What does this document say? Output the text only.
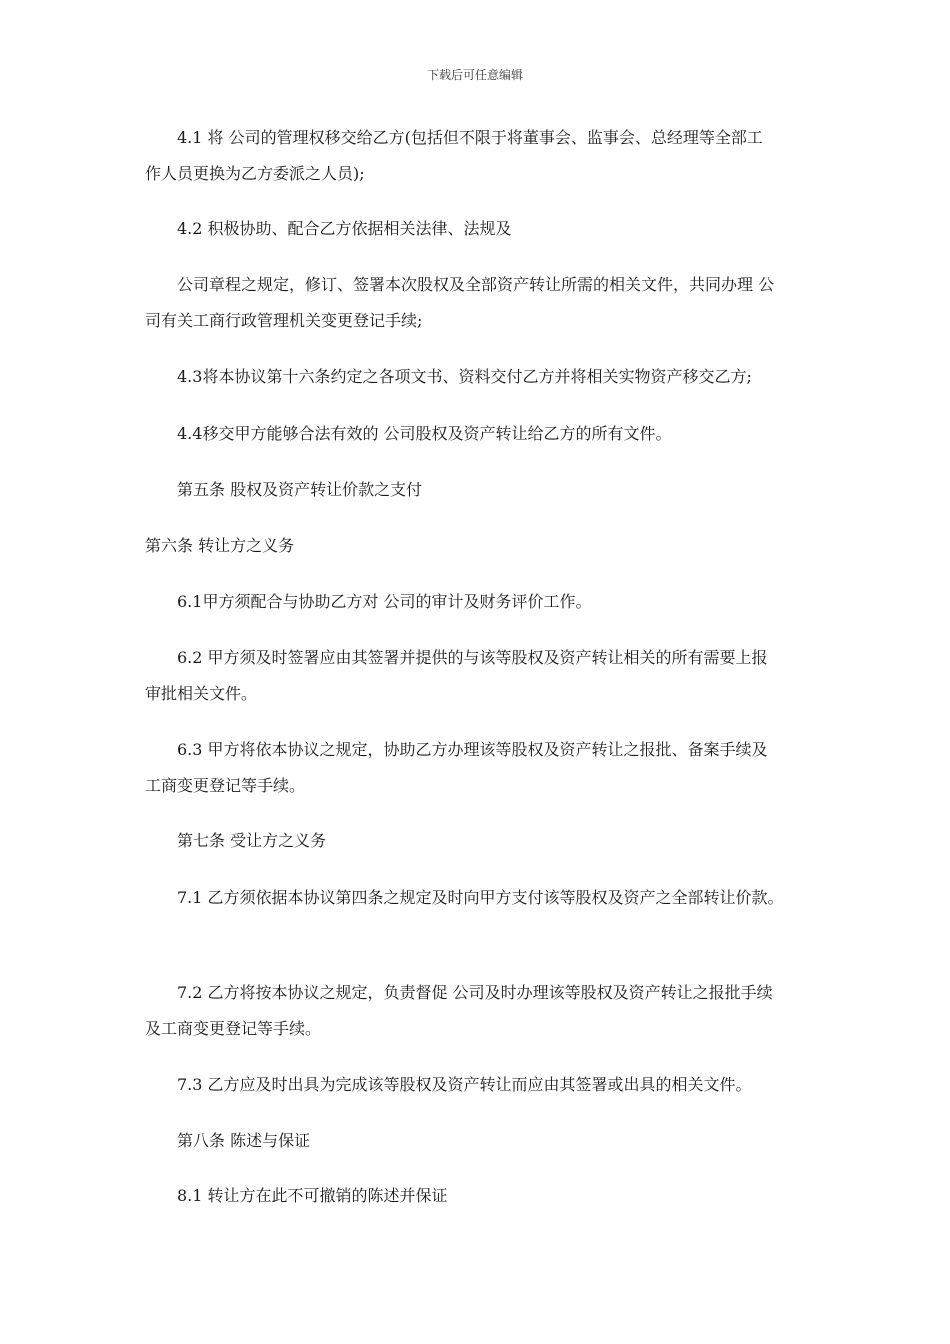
下载后可任意编辑
4.1 将 公司的管理权移交给乙方(包括但不限于将董事会、监事会、总经理等全部工
作人员更换为乙方委派之人员);
4.2 积极协助、配合乙方依据相关法律、法规及
公司章程之规定，修订、签署本次股权及全部资产转让所需的相关文件，共同办理 公
司有关工商行政管理机关变更登记手续;
4.3将本协议第十六条约定之各项文书、资料交付乙方并将相关实物资产移交乙方;
4.4移交甲方能够合法有效的 公司股权及资产转让给乙方的所有文件。
第五条 股权及资产转让价款之支付
第六条 转让方之义务
6.1甲方须配合与协助乙方对 公司的审计及财务评价工作。
6.2 甲方须及时签署应由其签署并提供的与该等股权及资产转让相关的所有需要上报
审批相关文件。
6.3 甲方将依本协议之规定，协助乙方办理该等股权及资产转让之报批、备案手续及
工商变更登记等手续。
第七条 受让方之义务
7.1 乙方须依据本协议第四条之规定及时向甲方支付该等股权及资产之全部转让价款。
7.2 乙方将按本协议之规定，负责督促 公司及时办理该等股权及资产转让之报批手续
及工商变更登记等手续。
7.3 乙方应及时出具为完成该等股权及资产转让而应由其签署或出具的相关文件。
第八条 陈述与保证
8.1 转让方在此不可撤销的陈述并保证
